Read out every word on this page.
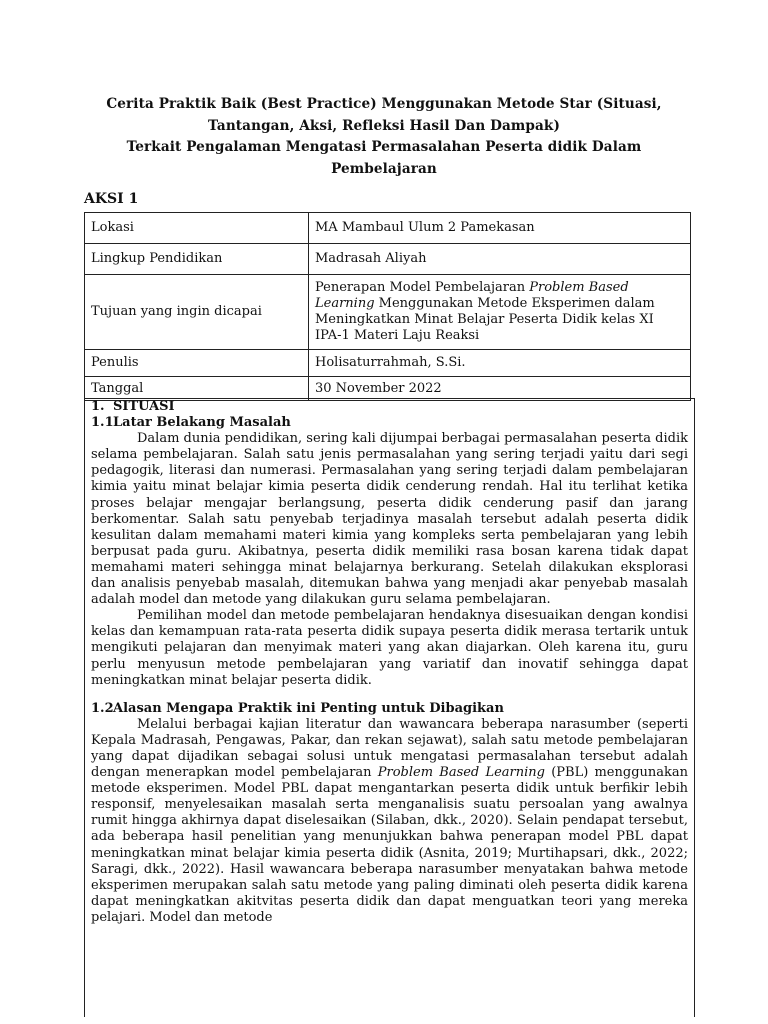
Cerita Praktik Baik (Best Practice) Menggunakan Metode Star (Situasi,
Tantangan, Aksi, Refleksi Hasil Dan Dampak)
Terkait Pengalaman Mengatasi Permasalahan Peserta didik Dalam
Pembelajaran
AKSI 1
Lokasi	MA Mambaul Ulum 2 Pamekasan
Lingkup Pendidikan	Madrasah Aliyah
Tujuan yang ingin dicapai	Penerapan Model Pembelajaran Problem Based Learning Menggunakan Metode Eksperimen dalam Meningkatkan Minat Belajar Peserta Didik kelas XI IPA-1 Materi Laju Reaksi
Penulis	Holisaturrahmah, S.Si.
Tanggal	30 November 2022
1. SITUASI
1.1Latar Belakang Masalah

Dalam dunia pendidikan, sering kali dijumpai berbagai permasalahan peserta didik selama pembelajaran. Salah satu jenis permasalahan yang sering terjadi yaitu dari segi pedagogik, literasi dan numerasi. Permasalahan yang sering terjadi dalam pembelajaran kimia yaitu minat belajar kimia peserta didik cenderung rendah. Hal itu terlihat ketika proses belajar mengajar berlangsung, peserta didik cenderung pasif dan jarang berkomentar. Salah satu penyebab terjadinya masalah tersebut adalah peserta didik kesulitan dalam memahami materi kimia yang kompleks serta pembelajaran yang lebih berpusat pada guru. Akibatnya, peserta didik memiliki rasa bosan karena tidak dapat memahami materi sehingga minat belajarnya berkurang. Setelah dilakukan eksplorasi dan analisis penyebab masalah, ditemukan bahwa yang menjadi akar penyebab masalah adalah model dan metode yang dilakukan guru selama pembelajaran.

Pemilihan model dan metode pembelajaran hendaknya disesuaikan dengan kondisi kelas dan kemampuan rata-rata peserta didik supaya peserta didik merasa tertarik untuk mengikuti pelajaran dan menyimak materi yang akan diajarkan. Oleh karena itu, guru perlu menyusun metode pembelajaran yang variatif dan inovatif sehingga dapat meningkatkan minat belajar peserta didik.

1.2Alasan Mengapa Praktik ini Penting untuk Dibagikan

Melalui berbagai kajian literatur dan wawancara beberapa narasumber (seperti Kepala Madrasah, Pengawas, Pakar, dan rekan sejawat), salah satu metode pembelajaran yang dapat dijadikan sebagai solusi untuk mengatasi permasalahan tersebut adalah dengan menerapkan model pembelajaran Problem Based Learning (PBL) menggunakan metode eksperimen. Model PBL dapat mengantarkan peserta didik untuk berfikir lebih responsif, menyelesaikan masalah serta menganalisis suatu persoalan yang awalnya rumit hingga akhirnya dapat diselesaikan (Silaban, dkk., 2020). Selain pendapat tersebut, ada beberapa hasil penelitian yang menunjukkan bahwa penerapan model PBL dapat meningkatkan minat belajar kimia peserta didik (Asnita, 2019; Murtihapsari, dkk., 2022; Saragi, dkk., 2022). Hasil wawancara beberapa narasumber menyatakan bahwa metode eksperimen merupakan salah satu metode yang paling diminati oleh peserta didik karena dapat meningkatkan akitvitas peserta didik dan dapat menguatkan teori yang mereka pelajari. Model dan metode
